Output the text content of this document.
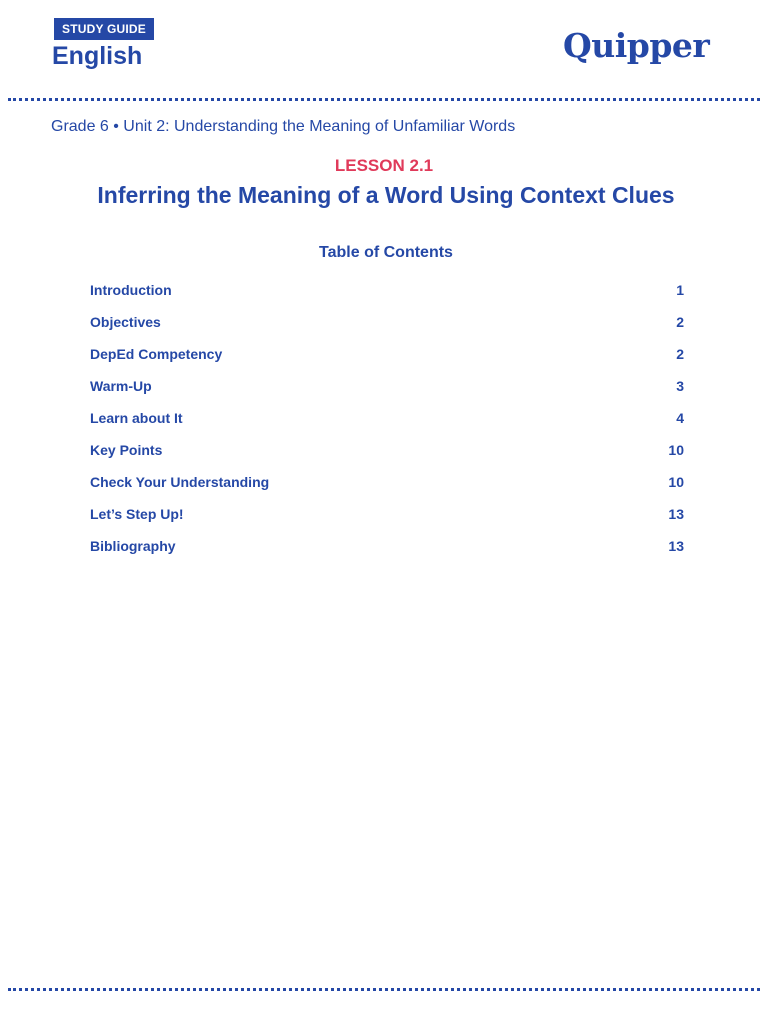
STUDY GUIDE
English	Quipper
Grade 6 • Unit 2: Understanding the Meaning of Unfamiliar Words
LESSON 2.1
Inferring the Meaning of a Word Using Context Clues
Table of Contents
Introduction	1
Objectives	2
DepEd Competency	2
Warm-Up	3
Learn about It	4
Key Points	10
Check Your Understanding	10
Let’s Step Up!	13
Bibliography	13
